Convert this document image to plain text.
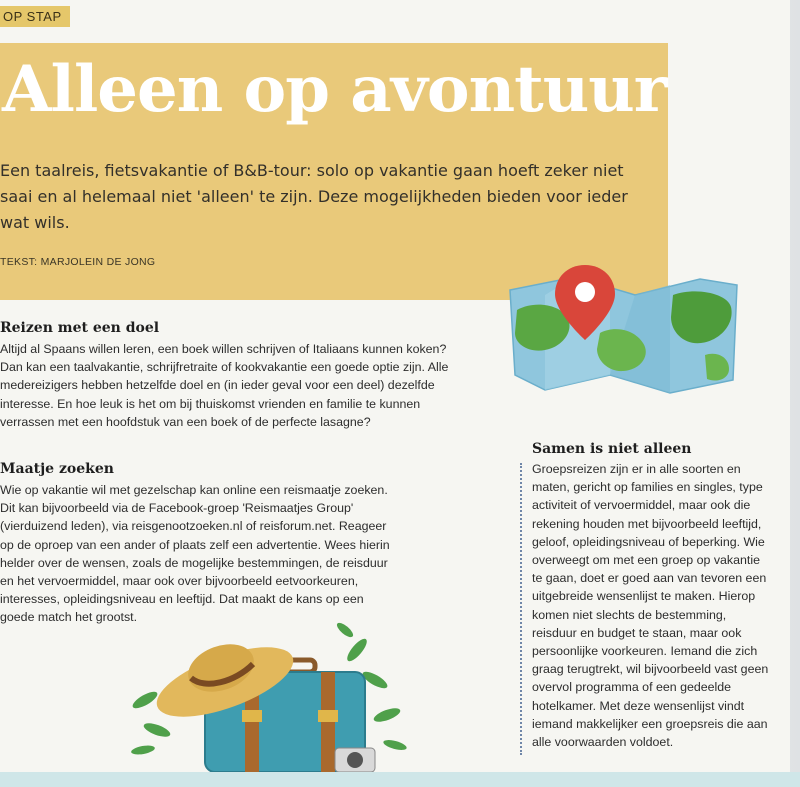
OP STAP
Alleen op avontuur

Een taalreis, fietsvakantie of B&B-tour: solo op vakantie gaan hoeft zeker niet saai en al helemaal niet 'alleen' te zijn. Deze mogelijkheden bieden voor ieder wat wils.

TEKST: MARJOLEIN DE JONG

Reizen met een doel

Altijd al Spaans willen leren, een boek willen schrijven of Italiaans kunnen koken? Dan kan een taalvakantie, schrijfretraite of kookvakantie een goede optie zijn. Alle medereizigers hebben hetzelfde doel en (in ieder geval voor een deel) dezelfde interesse. En hoe leuk is het om bij thuiskomst vrienden en familie te kunnen verrassen met een hoofdstuk van een boek of de perfecte lasagne?

Maatje zoeken

Wie op vakantie wil met gezelschap kan online een reismaatje zoeken. Dit kan bijvoorbeeld via de Facebook-groep 'Reismaatjes Group' (vierduizend leden), via reisgenootzoeken.nl of reisforum.net. Reageer op de oproep van een ander of plaats zelf een advertentie. Wees hierin helder over de wensen, zoals de mogelijke bestemmingen, de reisduur en het vervoermiddel, maar ook over bijvoorbeeld eetvoorkeuren, interesses, opleidingsniveau en leeftijd. Dat maakt de kans op een goede match het grootst.

Samen is niet alleen

Groepsreizen zijn er in alle soorten en maten, gericht op families en singles, type activiteit of vervoermiddel, maar ook die rekening houden met bijvoorbeeld leeftijd, geloof, opleidingsniveau of beperking. Wie overweegt om met een groep op vakantie te gaan, doet er goed aan van tevoren een uitgebreide wensenlijst te maken. Hierop komen niet slechts de bestemming, reisduur en budget te staan, maar ook persoonlijke voorkeuren. Iemand die zich graag terugtrekt, wil bijvoorbeeld vast geen overvol programma of een gedeelde hotelkamer. Met deze wensenlijst vindt iemand makkelijker een groepsreis die aan alle voorwaarden voldoet.
